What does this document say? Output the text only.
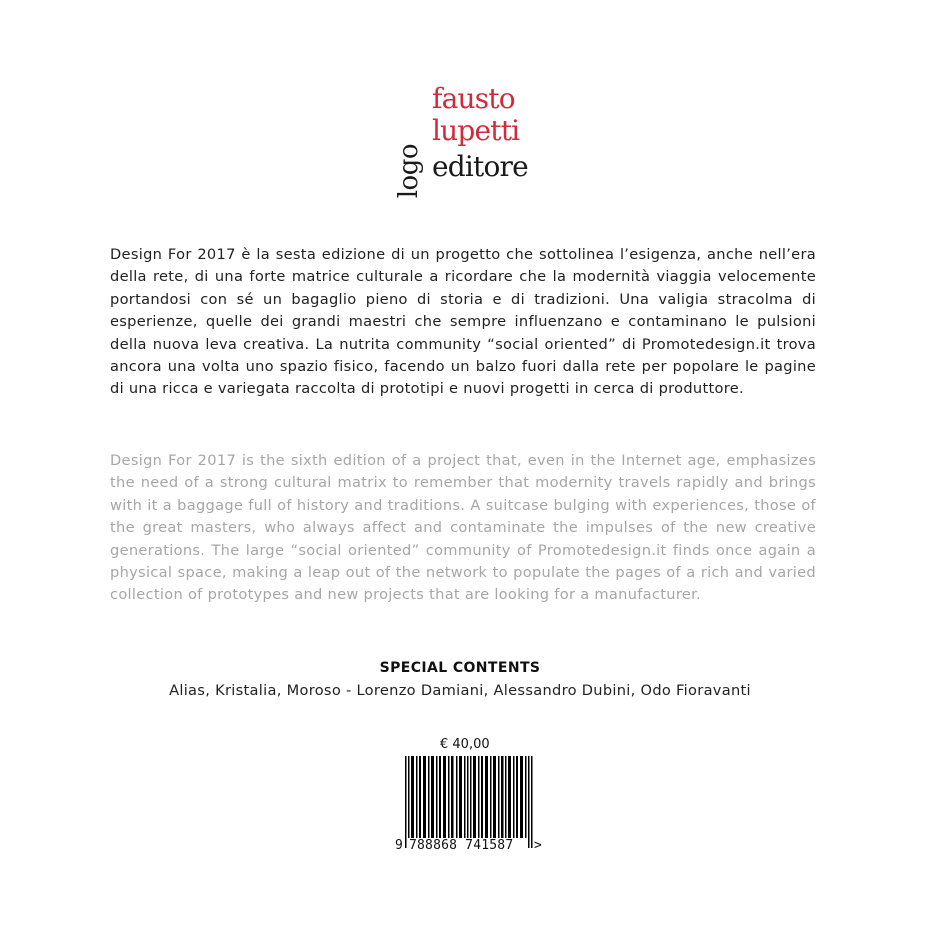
logo
fausto
lupetti
editore

Design For 2017 è la sesta edizione di un progetto che sottolinea l’esigenza, anche nell’era della rete, di una forte matrice culturale a ricordare che la modernità viaggia velocemente portandosi con sé un bagaglio pieno di storia e di tradizioni. Una valigia stracolma di esperienze, quelle dei grandi maestri che sempre influenzano e contaminano le pulsioni della nuova leva creativa. La nutrita community “social oriented” di Promotedesign.it trova ancora una volta uno spazio fisico, facendo un balzo fuori dalla rete per popolare le pagine di una ricca e variegata raccolta di prototipi e nuovi progetti in cerca di produttore.

Design For 2017 is the sixth edition of a project that, even in the Internet age, emphasizes the need of a strong cultural matrix to remember that modernity travels rapidly and brings with it a baggage full of history and traditions. A suitcase bulging with experiences, those of the great masters, who always affect and contaminate the impulses of the new creative generations. The large “social oriented” community of Promotedesign.it finds once again a physical space, making a leap out of the network to populate the pages of a rich and varied collection of prototypes and new projects that are looking for a manufacturer.

SPECIAL CONTENTS
Alias, Kristalia, Moroso - Lorenzo Damiani, Alessandro Dubini, Odo Fioravanti
€ 40,00
9 788868 741587 >
